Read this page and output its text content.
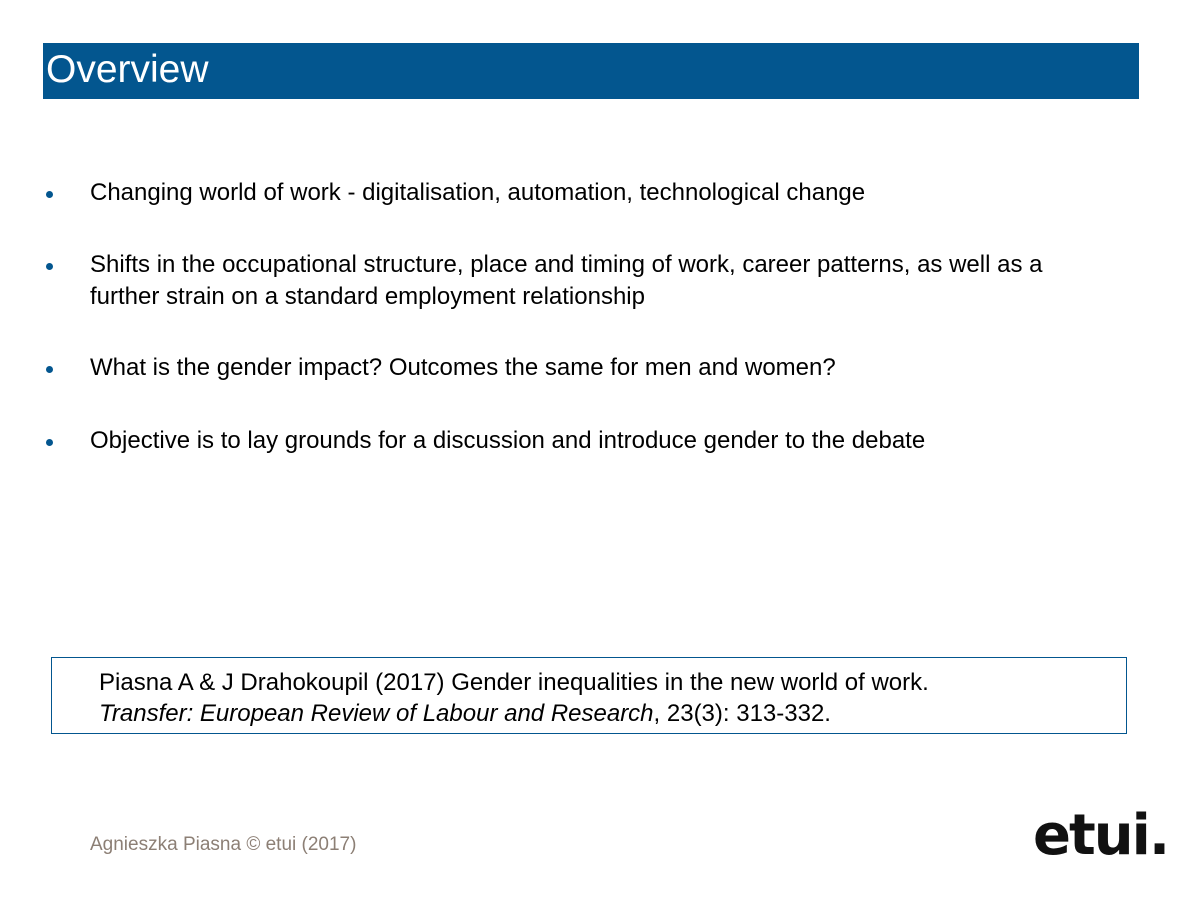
Overview
Changing world of work - digitalisation, automation, technological change
Shifts in the occupational structure, place and timing of work, career patterns, as well as a further strain on a standard employment relationship
What is the gender impact? Outcomes the same for men and women?
Objective is to lay grounds for a discussion and introduce gender to the debate
Piasna A & J Drahokoupil (2017) Gender inequalities in the new world of work.
Transfer: European Review of Labour and Research, 23(3): 313-332.
Agnieszka Piasna © etui (2017)	etui.
